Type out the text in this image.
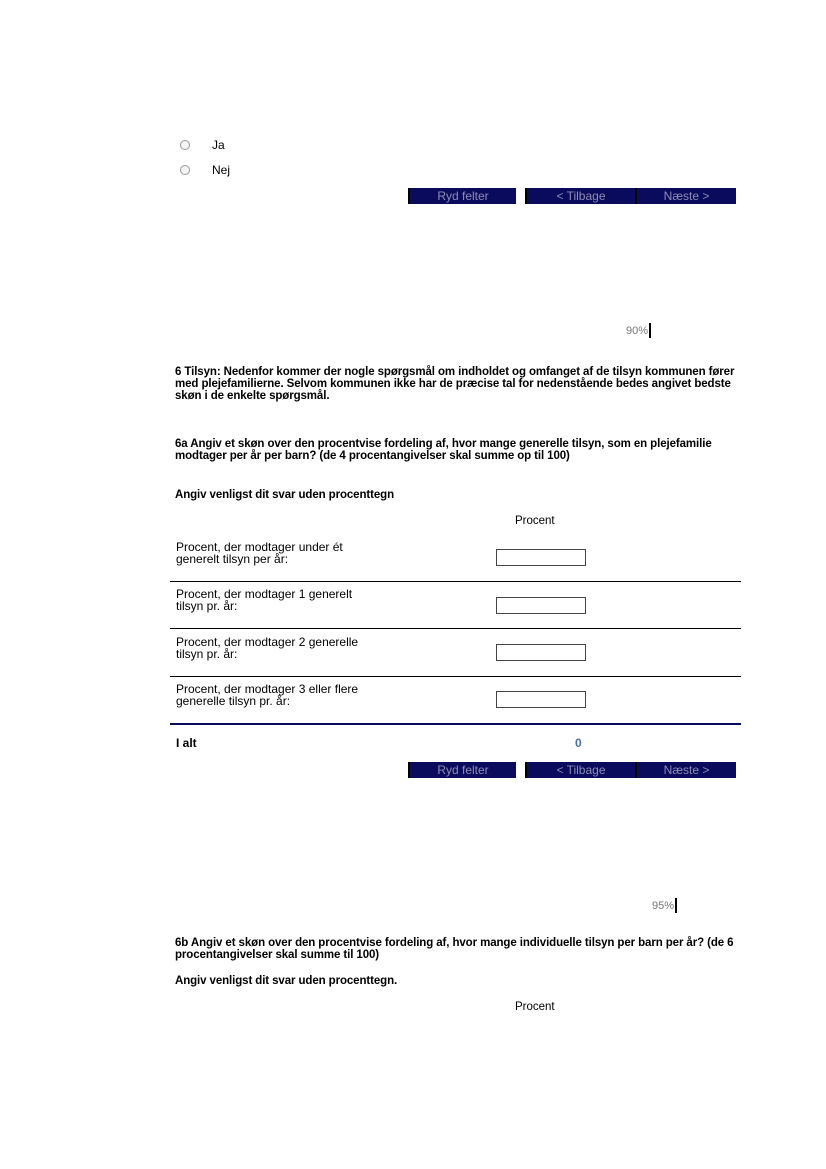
Ja
Nej
Ryd felter	< Tilbage	Næste >
90%
6 Tilsyn: Nedenfor kommer der nogle spørgsmål om indholdet og omfanget af de tilsyn kommunen fører med plejefamilierne. Selvom kommunen ikke har de præcise tal for nedenstående bedes angivet bedste skøn i de enkelte spørgsmål.
6a Angiv et skøn over den procentvise fordeling af, hvor mange generelle tilsyn, som en plejefamilie modtager per år per barn? (de 4 procentangivelser skal summe op til 100)
Angiv venligst dit svar uden procenttegn
Procent
Procent, der modtager under ét generelt tilsyn per år:
Procent, der modtager 1 generelt tilsyn pr. år:
Procent, der modtager 2 generelle tilsyn pr. år:
Procent, der modtager 3 eller flere generelle tilsyn pr. år:
I alt	0
Ryd felter	< Tilbage	Næste >
95%
6b Angiv et skøn over den procentvise fordeling af, hvor mange individuelle tilsyn per barn per år? (de 6 procentangivelser skal summe til 100)
Angiv venligst dit svar uden procenttegn.
Procent
